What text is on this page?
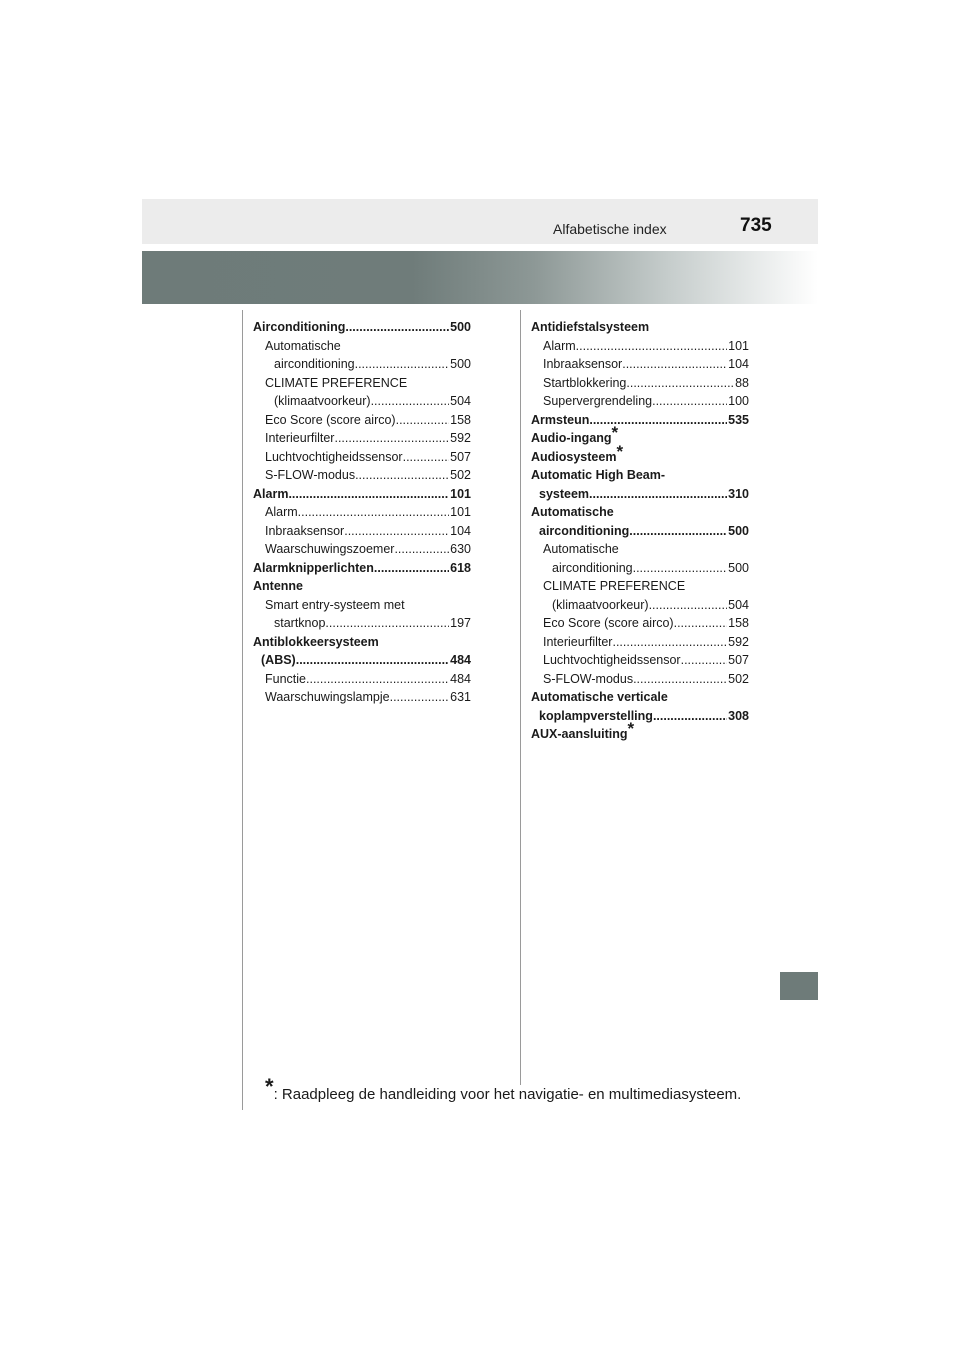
Alfabetische index	735
Airconditioning .....	500
Automatische
airconditioning .....	500
CLIMATE PREFERENCE
(klimaatvoorkeur) .....	504
Eco Score (score airco) .....	158
Interieurfilter .....	592
Luchtvochtigheidssensor .....	507
S-FLOW-modus .....	502
Alarm .....	101
Alarm .....	101
Inbraaksensor .....	104
Waarschuwingszoemer .....	630
Alarmknipperlichten .....	618
Antenne
Smart entry-systeem met
startknop .....	197
Antiblokkeersysteem
(ABS) .....	484
Functie .....	484
Waarschuwingslampje .....	631
Antidiefstalsysteem
Alarm .....	101
Inbraaksensor .....	104
Startblokkering .....	88
Supervergrendeling .....	100
Armsteun .....	535
Audio-ingang*
Audiosysteem*
Automatic High Beam-
systeem .....	310
Automatische
airconditioning .....	500
Automatische
airconditioning .....	500
CLIMATE PREFERENCE
(klimaatvoorkeur) .....	504
Eco Score (score airco) .....	158
Interieurfilter .....	592
Luchtvochtigheidssensor .....	507
S-FLOW-modus .....	502
Automatische verticale
koplampverstelling .....	308
AUX-aansluiting*
*: Raadpleeg de handleiding voor het navigatie- en multimediasysteem.
